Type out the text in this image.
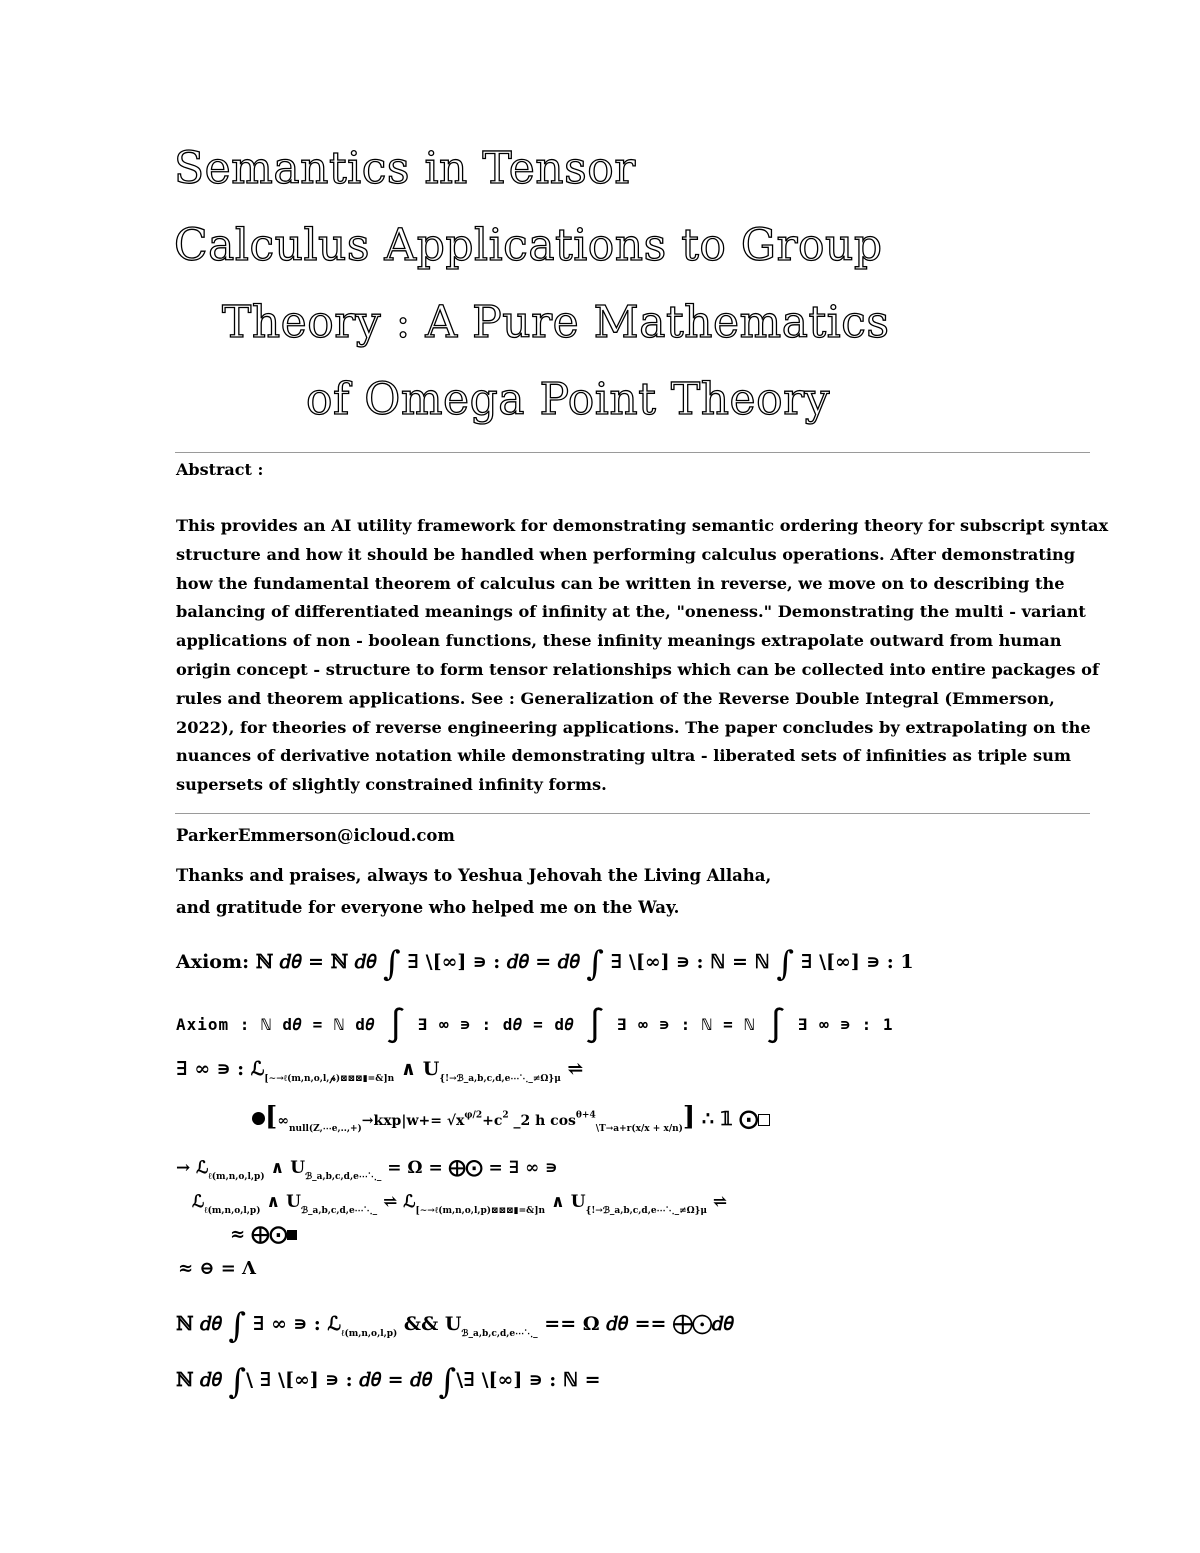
Semantics in Tensor
Calculus Applications to Group
Theory : A Pure Mathematics
of Omega Point Theory
Abstract :
This provides an AI utility framework for demonstrating semantic ordering theory for subscript syntax
structure and how it should be handled when performing calculus operations. After demonstrating
how the fundamental theorem of calculus can be written in reverse, we move on to describing the
balancing of differentiated meanings of infinity at the, "oneness." Demonstrating the multi - variant
applications of non - boolean functions, these infinity meanings extrapolate outward from human
origin concept - structure to form tensor relationships which can be collected into entire packages of
rules and theorem applications. See : Generalization of the Reverse Double Integral (Emmerson,
2022), for theories of reverse engineering applications. The paper concludes by extrapolating on the
nuances of derivative notation while demonstrating ultra - liberated sets of infinities as triple sum
supersets of slightly constrained infinity forms.
ParkerEmmerson@icloud.com
Thanks and praises, always to Yeshua Jehovah the Living Allaha,
and gratitude for everyone who helped me on the Way.
Axiom: ℕ 𝑑𝜃 = ℕ 𝑑𝜃 ∫ ∃ \[∞] ∍ : 𝑑𝜃 = 𝑑𝜃 ∫ ∃ \[∞] ∍ : ℕ = ℕ ∫ ∃ \[∞] ∍ : 1
Axiom : ℕ d𝜃 = ℕ d𝜃 ∫ ∃ ∞ ∍ : d𝜃 = d𝜃 ∫ ∃ ∞ ∍ : ℕ = ℕ ∫ ∃ ∞ ∍ : 1
∃ ∞ ∍ : ℒ$_{[\sim\to\ell(m,n,o,l,𝓅)⊠⊠⊠▮=\&]n}$ ∧ $U_{\{!\to ℬ\_a,b,c,d,e\cdots⋱\_\ne\Omega\}\mu}$ ⇌
[$\infty_{null(Z,\cdots e,..,+)}\to kxp|w+= √x^{\varphi/2}+c^2$ _2 h $\cos^{\theta+4}_{\backslash T\to a+r(x/x + x/n)}$] ∴ 𝟙 ⨀
→ ℒ$_{\ell(m,n,o,l,p)}$ ∧ $U_{ℬ\_a,b,c,d,e\cdots⋱\_} = \Omega$ = ⨁⨀ = ∃ ∞ ∍
ℒ$_{\ell(m,n,o,l,p)}$ ∧ $U_{ℬ\_a,b,c,d,e\cdots⋱\_}$ ⇌ ℒ$_{[\sim\to\ell(m,n,o,l,p)⊠⊠⊠▮=\&]n}$ ∧ $U_{\{!\to ℬ\_a,b,c,d,e\cdots⋱\_\ne\Omega\}\mu}$ ⇌
≈ ⨁⨀
≈ ⊖ = Λ
ℕ 𝑑𝜃 ∫ ∃ ∞ ∍ : ℒ$_{\ell(m,n,o,l,p)}$ && $U_{ℬ\_a,b,c,d,e\cdots⋱\_} == \Omega$ 𝑑𝜃 == ⨁⨀𝑑𝜃
ℕ 𝑑𝜃 ∫\ ∃ \[∞] ∍ : 𝑑𝜃 = 𝑑𝜃 ∫\∃ \[∞] ∍ : ℕ =
